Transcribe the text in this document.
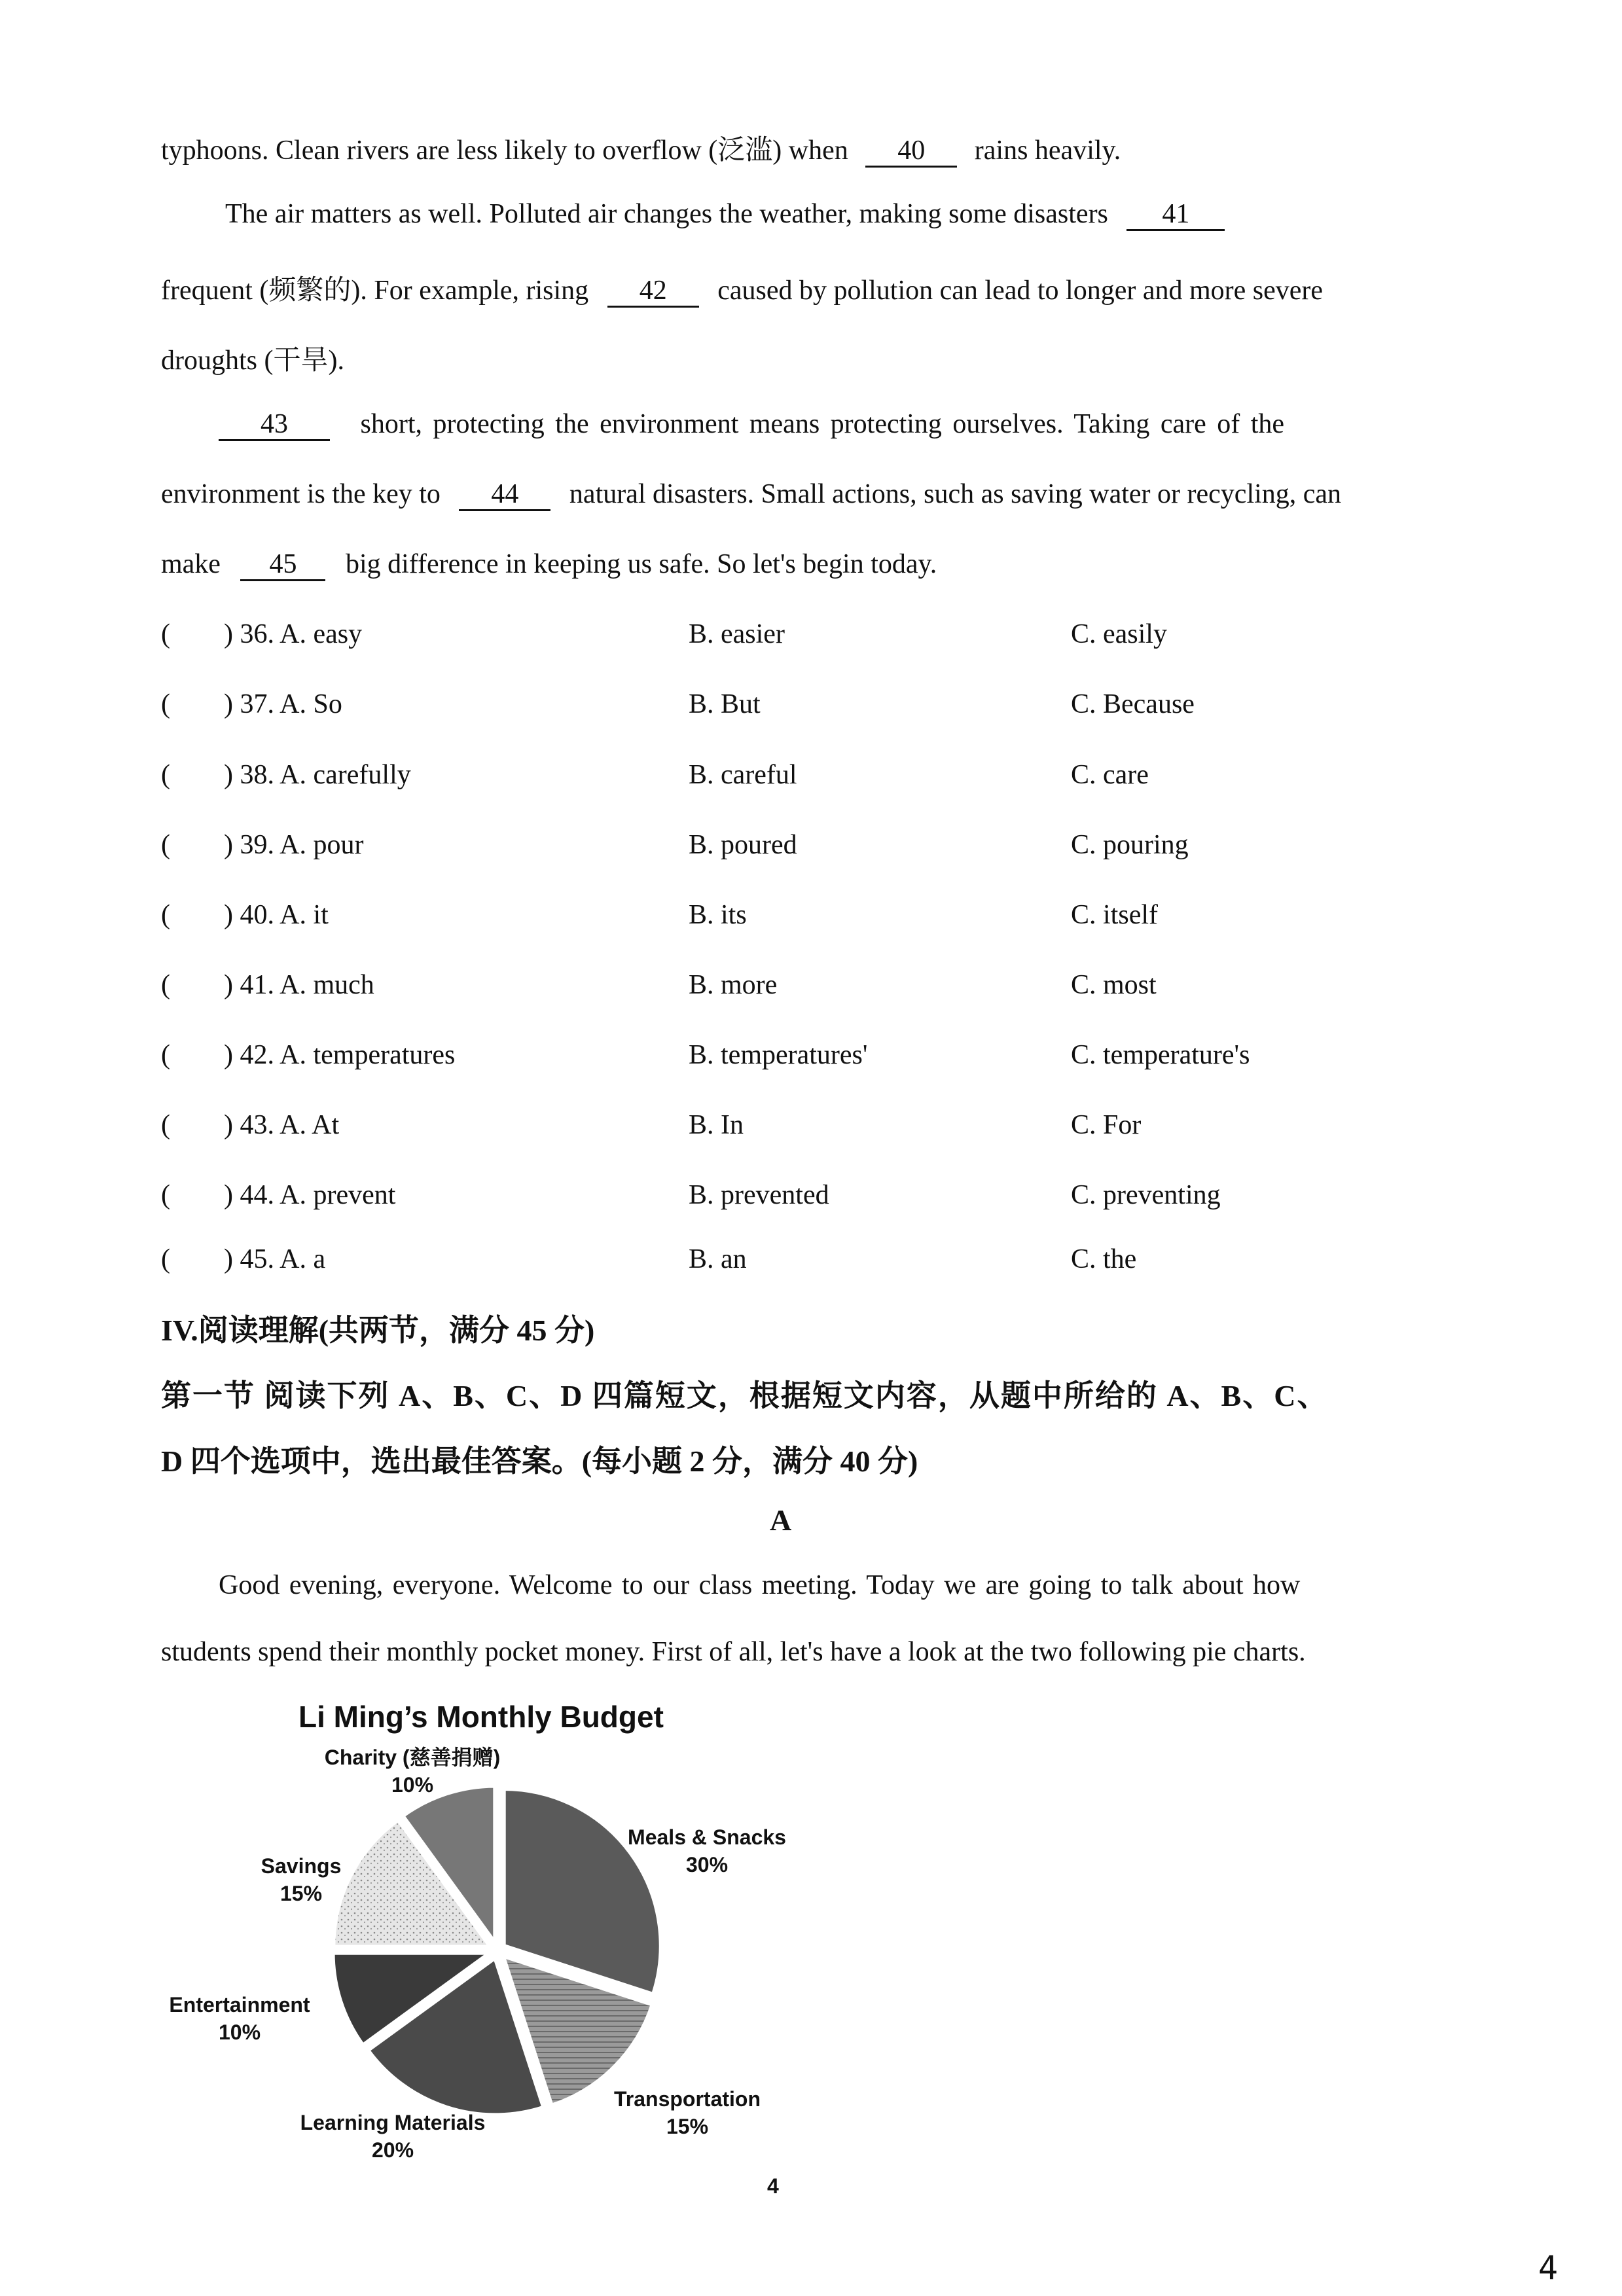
typhoons. Clean rivers are less likely to overflow (泛滥) when 40 rains heavily.
The air matters as well. Polluted air changes the weather, making some disasters 41
frequent (频繁的). For example, rising 42 caused by pollution can lead to longer and more severe
droughts (干旱).
43	short, protecting the environment means protecting ourselves. Taking care of the
environment is the key to 44 natural disasters. Small actions, such as saving water or recycling, can
make 45 big difference in keeping us safe. So let's begin today.
( ) 36. A. easy	B. easier	C. easily
( ) 37. A. So	B. But	C. Because
( ) 38. A. carefully	B. careful	C. care
( ) 39. A. pour	B. poured	C. pouring
( ) 40. A. it	B. its	C. itself
( ) 41. A. much	B. more	C. most
( ) 42. A. temperatures	B. temperatures'	C. temperature's
( ) 43. A. At	B. In	C. For
( ) 44. A. prevent	B. prevented	C. preventing
( ) 45. A. a	B. an	C. the
IV.阅读理解(共两节，满分 45 分)
第一节 阅读下列 A、B、C、D 四篇短文，根据短文内容，从题中所给的 A、B、C、
D 四个选项中，选出最佳答案。(每小题 2 分，满分 40 分)
A
Good evening, everyone. Welcome to our class meeting. Today we are going to talk about how
students spend their monthly pocket money. First of all, let's have a look at the two following pie charts.
Li Ming’s Monthly Budget
Charity (慈善捐赠)
10%
Meals & Snacks
30%
Savings
15%
Entertainment
10%
Transportation
15%
Learning Materials
20%
4
4
